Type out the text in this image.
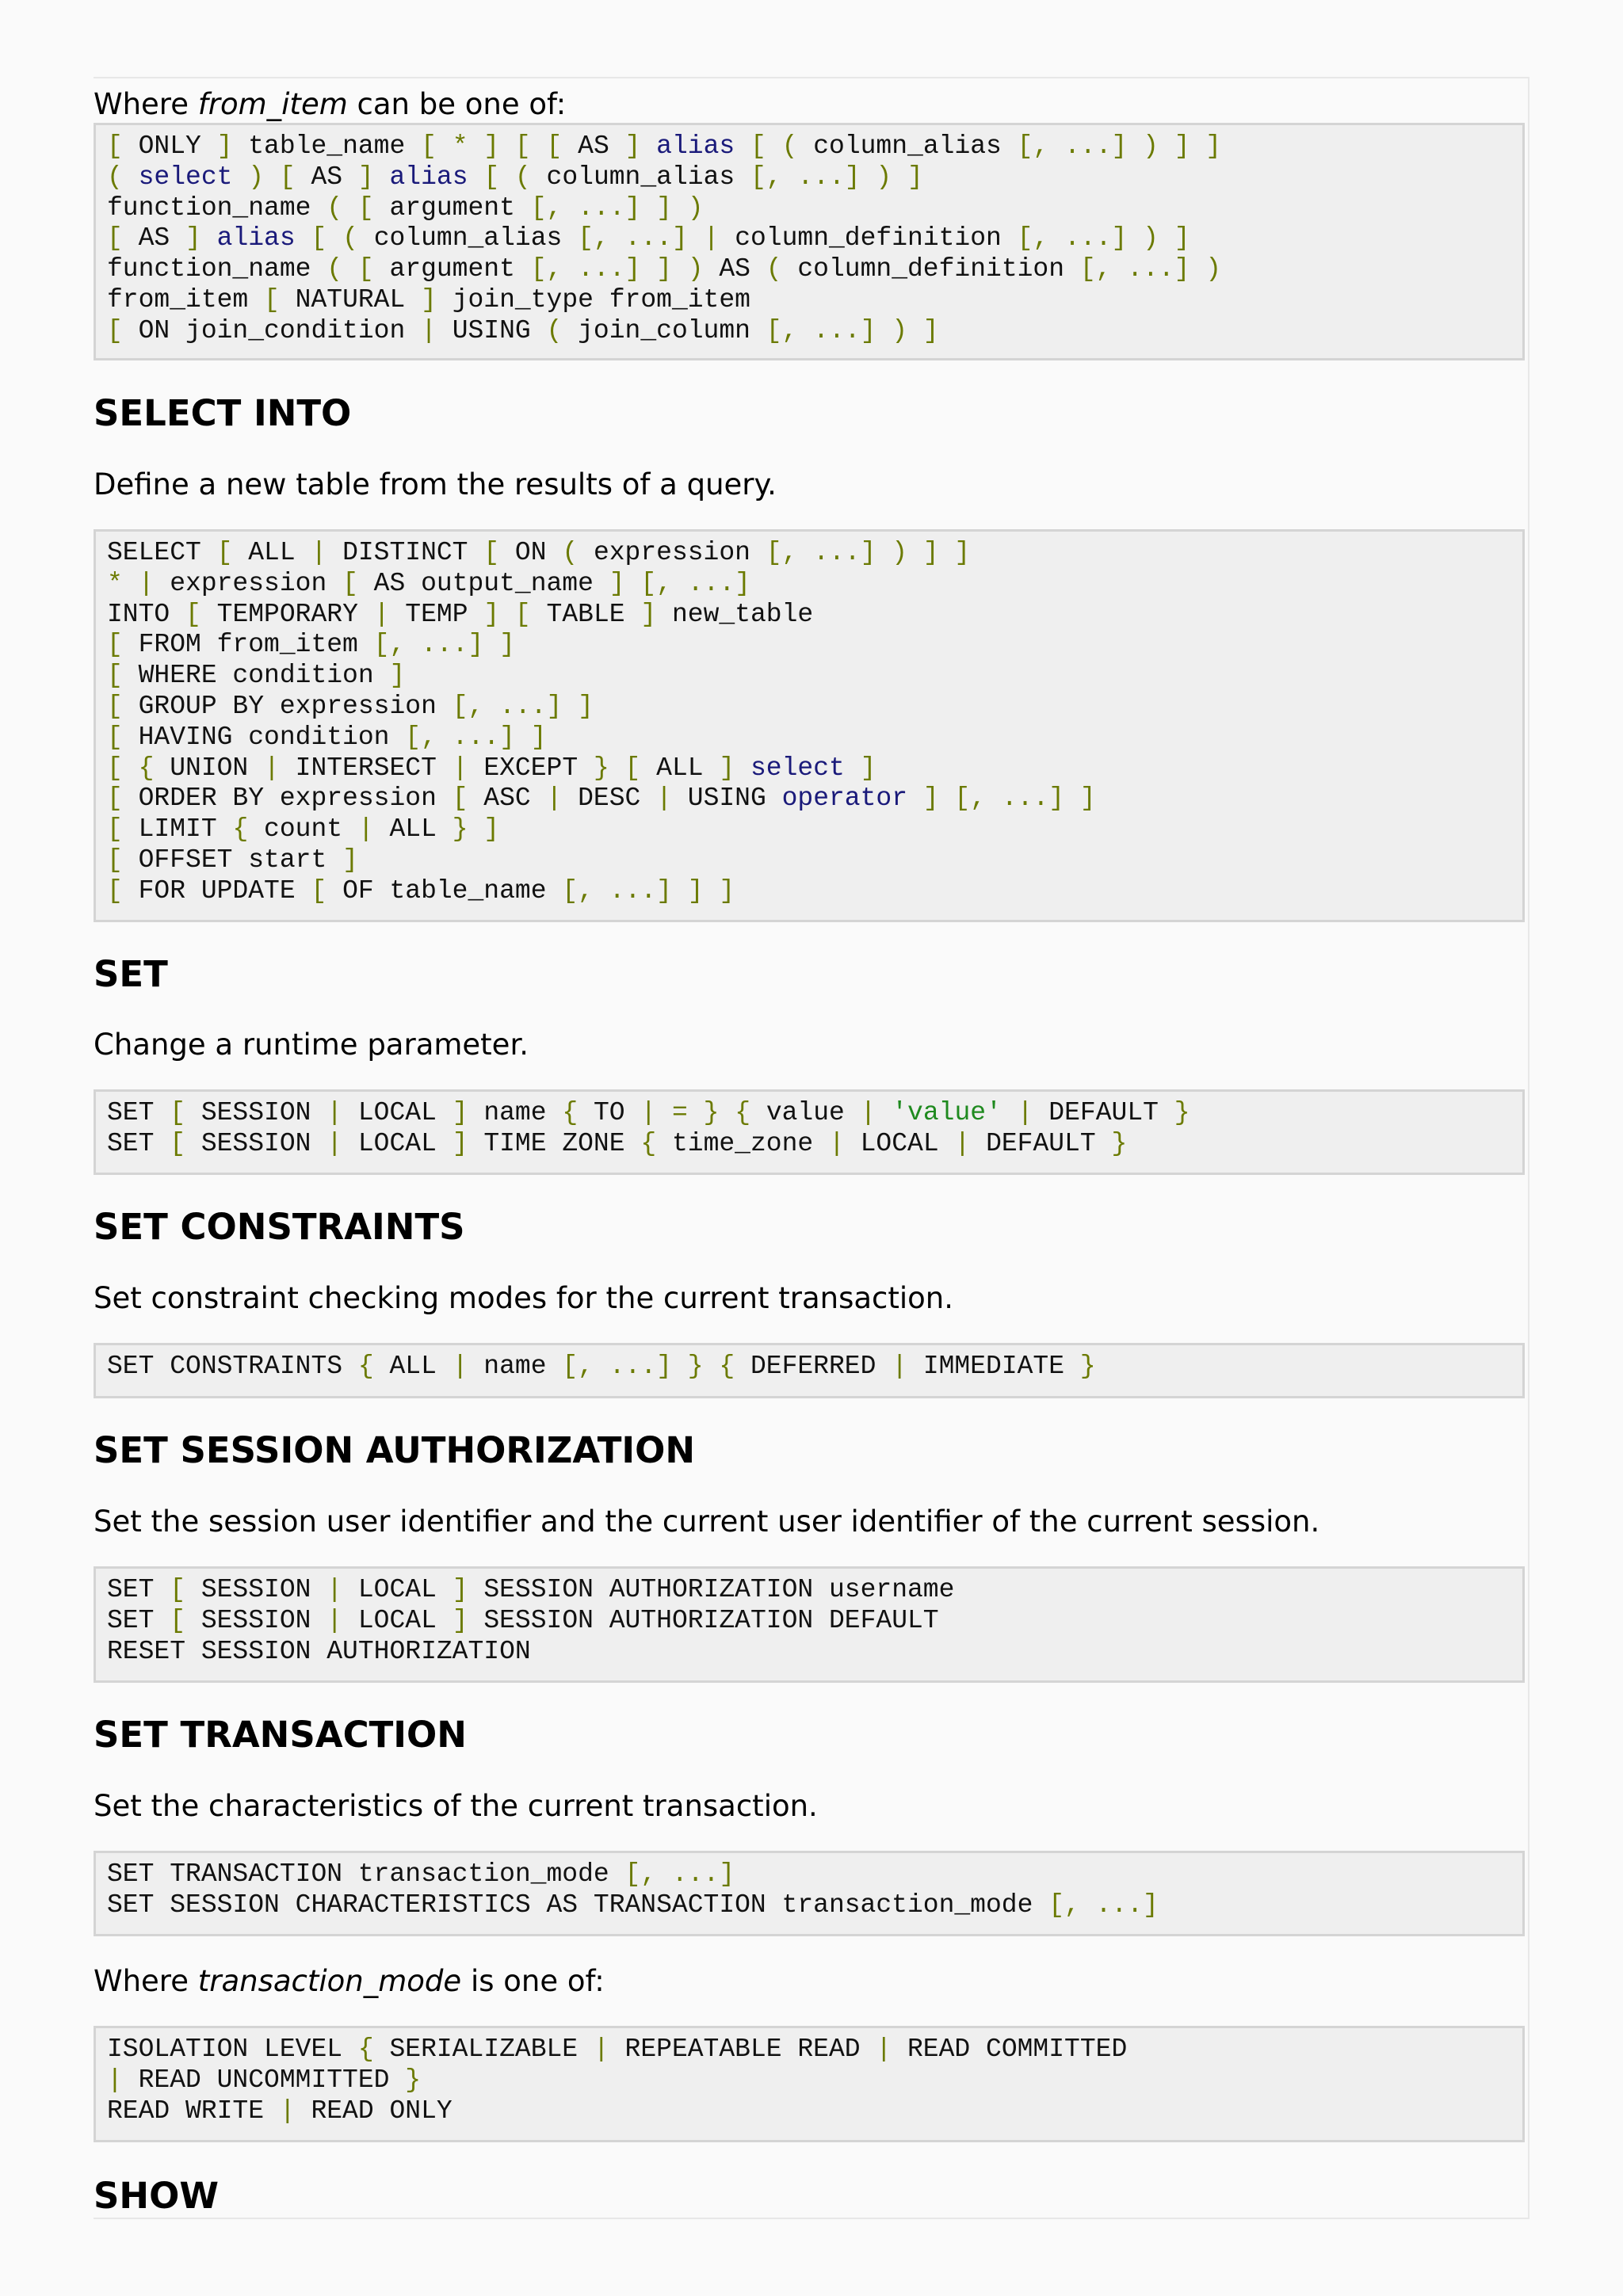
Where from_item can be one of:

[ ONLY ] table_name [ * ] [ [ AS ] alias [ ( column_alias [, ...] ) ] ]
( select ) [ AS ] alias [ ( column_alias [, ...] ) ]
function_name ( [ argument [, ...] ] )
[ AS ] alias [ ( column_alias [, ...] | column_definition [, ...] ) ]
function_name ( [ argument [, ...] ] ) AS ( column_definition [, ...] )
from_item [ NATURAL ] join_type from_item
[ ON join_condition | USING ( join_column [, ...] ) ]
SELECT INTO

Define a new table from the results of a query.

SELECT [ ALL | DISTINCT [ ON ( expression [, ...] ) ] ]
* | expression [ AS output_name ] [, ...]
INTO [ TEMPORARY | TEMP ] [ TABLE ] new_table
[ FROM from_item [, ...] ]
[ WHERE condition ]
[ GROUP BY expression [, ...] ]
[ HAVING condition [, ...] ]
[ { UNION | INTERSECT | EXCEPT } [ ALL ] select ]
[ ORDER BY expression [ ASC | DESC | USING operator ] [, ...] ]
[ LIMIT { count | ALL } ]
[ OFFSET start ]
[ FOR UPDATE [ OF table_name [, ...] ] ]
SET

Change a runtime parameter.

SET [ SESSION | LOCAL ] name { TO | = } { value | 'value' | DEFAULT }
SET [ SESSION | LOCAL ] TIME ZONE { time_zone | LOCAL | DEFAULT }
SET CONSTRAINTS

Set constraint checking modes for the current transaction.

SET CONSTRAINTS { ALL | name [, ...] } { DEFERRED | IMMEDIATE }
SET SESSION AUTHORIZATION

Set the session user identifier and the current user identifier of the current session.

SET [ SESSION | LOCAL ] SESSION AUTHORIZATION username
SET [ SESSION | LOCAL ] SESSION AUTHORIZATION DEFAULT
RESET SESSION AUTHORIZATION
SET TRANSACTION

Set the characteristics of the current transaction.

SET TRANSACTION transaction_mode [, ...]
SET SESSION CHARACTERISTICS AS TRANSACTION transaction_mode [, ...]

Where transaction_mode is one of:

ISOLATION LEVEL { SERIALIZABLE | REPEATABLE READ | READ COMMITTED
| READ UNCOMMITTED }
READ WRITE | READ ONLY
SHOW
